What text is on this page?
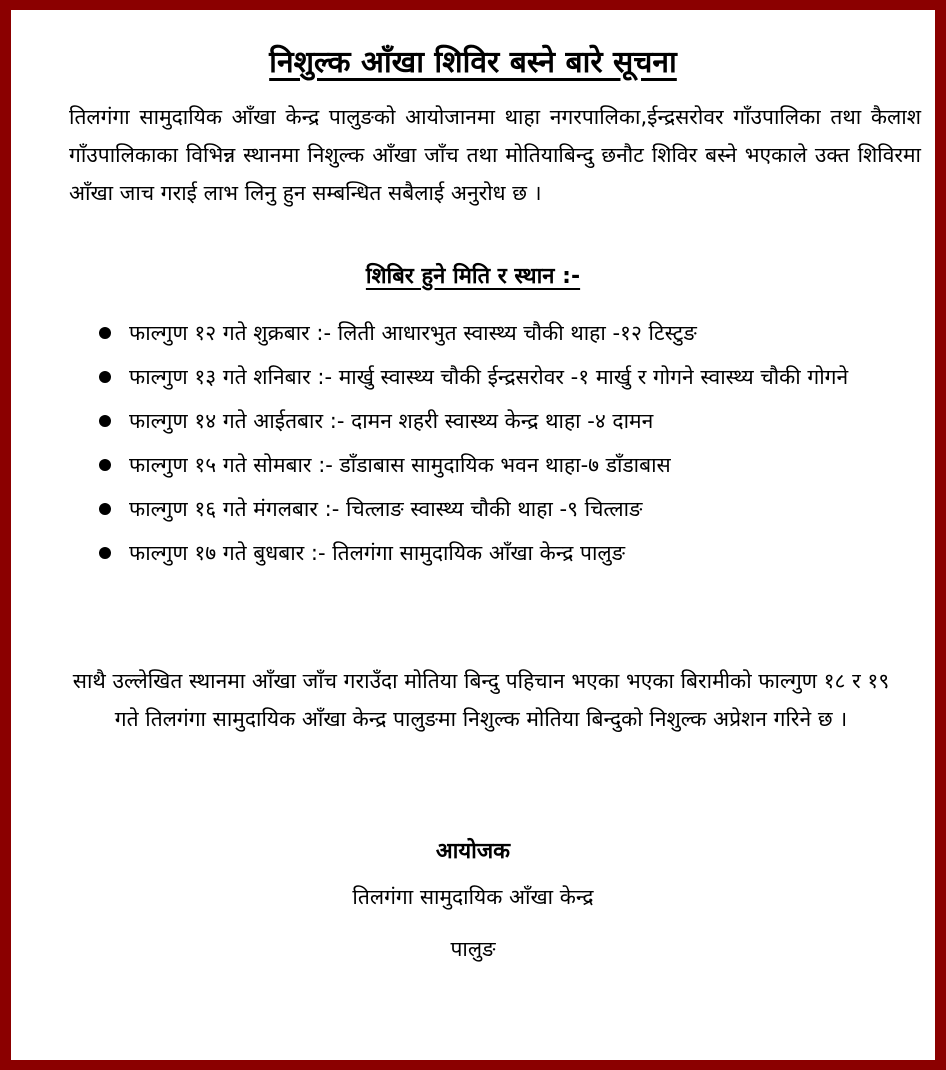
निशुल्क आँखा शिविर बस्ने बारे सूचना

तिलगंगा सामुदायिक आँखा केन्द्र पालुङको आयोजानमा थाहा नगरपालिका,ईन्द्रसरोवर गाँउपालिका तथा कैलाश गाँउपालिकाका विभिन्न स्थानमा निशुल्क आँखा जाँच तथा मोतियाबिन्दु छनौट शिविर बस्ने भएकाले उक्त शिविरमा आँखा जाच गराई लाभ लिनु हुन सम्बन्धित सबैलाई अनुरोध छ ।

शिबिर हुने मिति र स्थान :-
फाल्गुण १२ गते शुक्रबार :- लिती आधारभुत स्वास्थ्य चौकी थाहा -१२ टिस्टुङ
फाल्गुण १३ गते शनिबार :- मार्खु स्वास्थ्य चौकी ईन्द्रसरोवर -१ मार्खु र गोगने स्वास्थ्य चौकी गोगने
फाल्गुण १४ गते आईतबार :- दामन शहरी स्वास्थ्य केन्द्र थाहा -४ दामन
फाल्गुण १५ गते सोमबार :- डाँडाबास सामुदायिक भवन थाहा-७ डाँडाबास
फाल्गुण १६ गते मंगलबार :- चित्लाङ स्वास्थ्य चौकी थाहा -९ चित्लाङ
फाल्गुण १७ गते बुधबार :- तिलगंगा सामुदायिक आँखा केन्द्र पालुङ

साथै उल्लेखित स्थानमा आँखा जाँच गराउँदा मोतिया बिन्दु पहिचान भएका भएका बिरामीको फाल्गुण १८ र १९ गते तिलगंगा सामुदायिक आँखा केन्द्र पालुङमा निशुल्क मोतिया बिन्दुको निशुल्क अप्रेशन गरिने छ ।

आयोजक

तिलगंगा सामुदायिक आँखा केन्द्र

पालुङ
